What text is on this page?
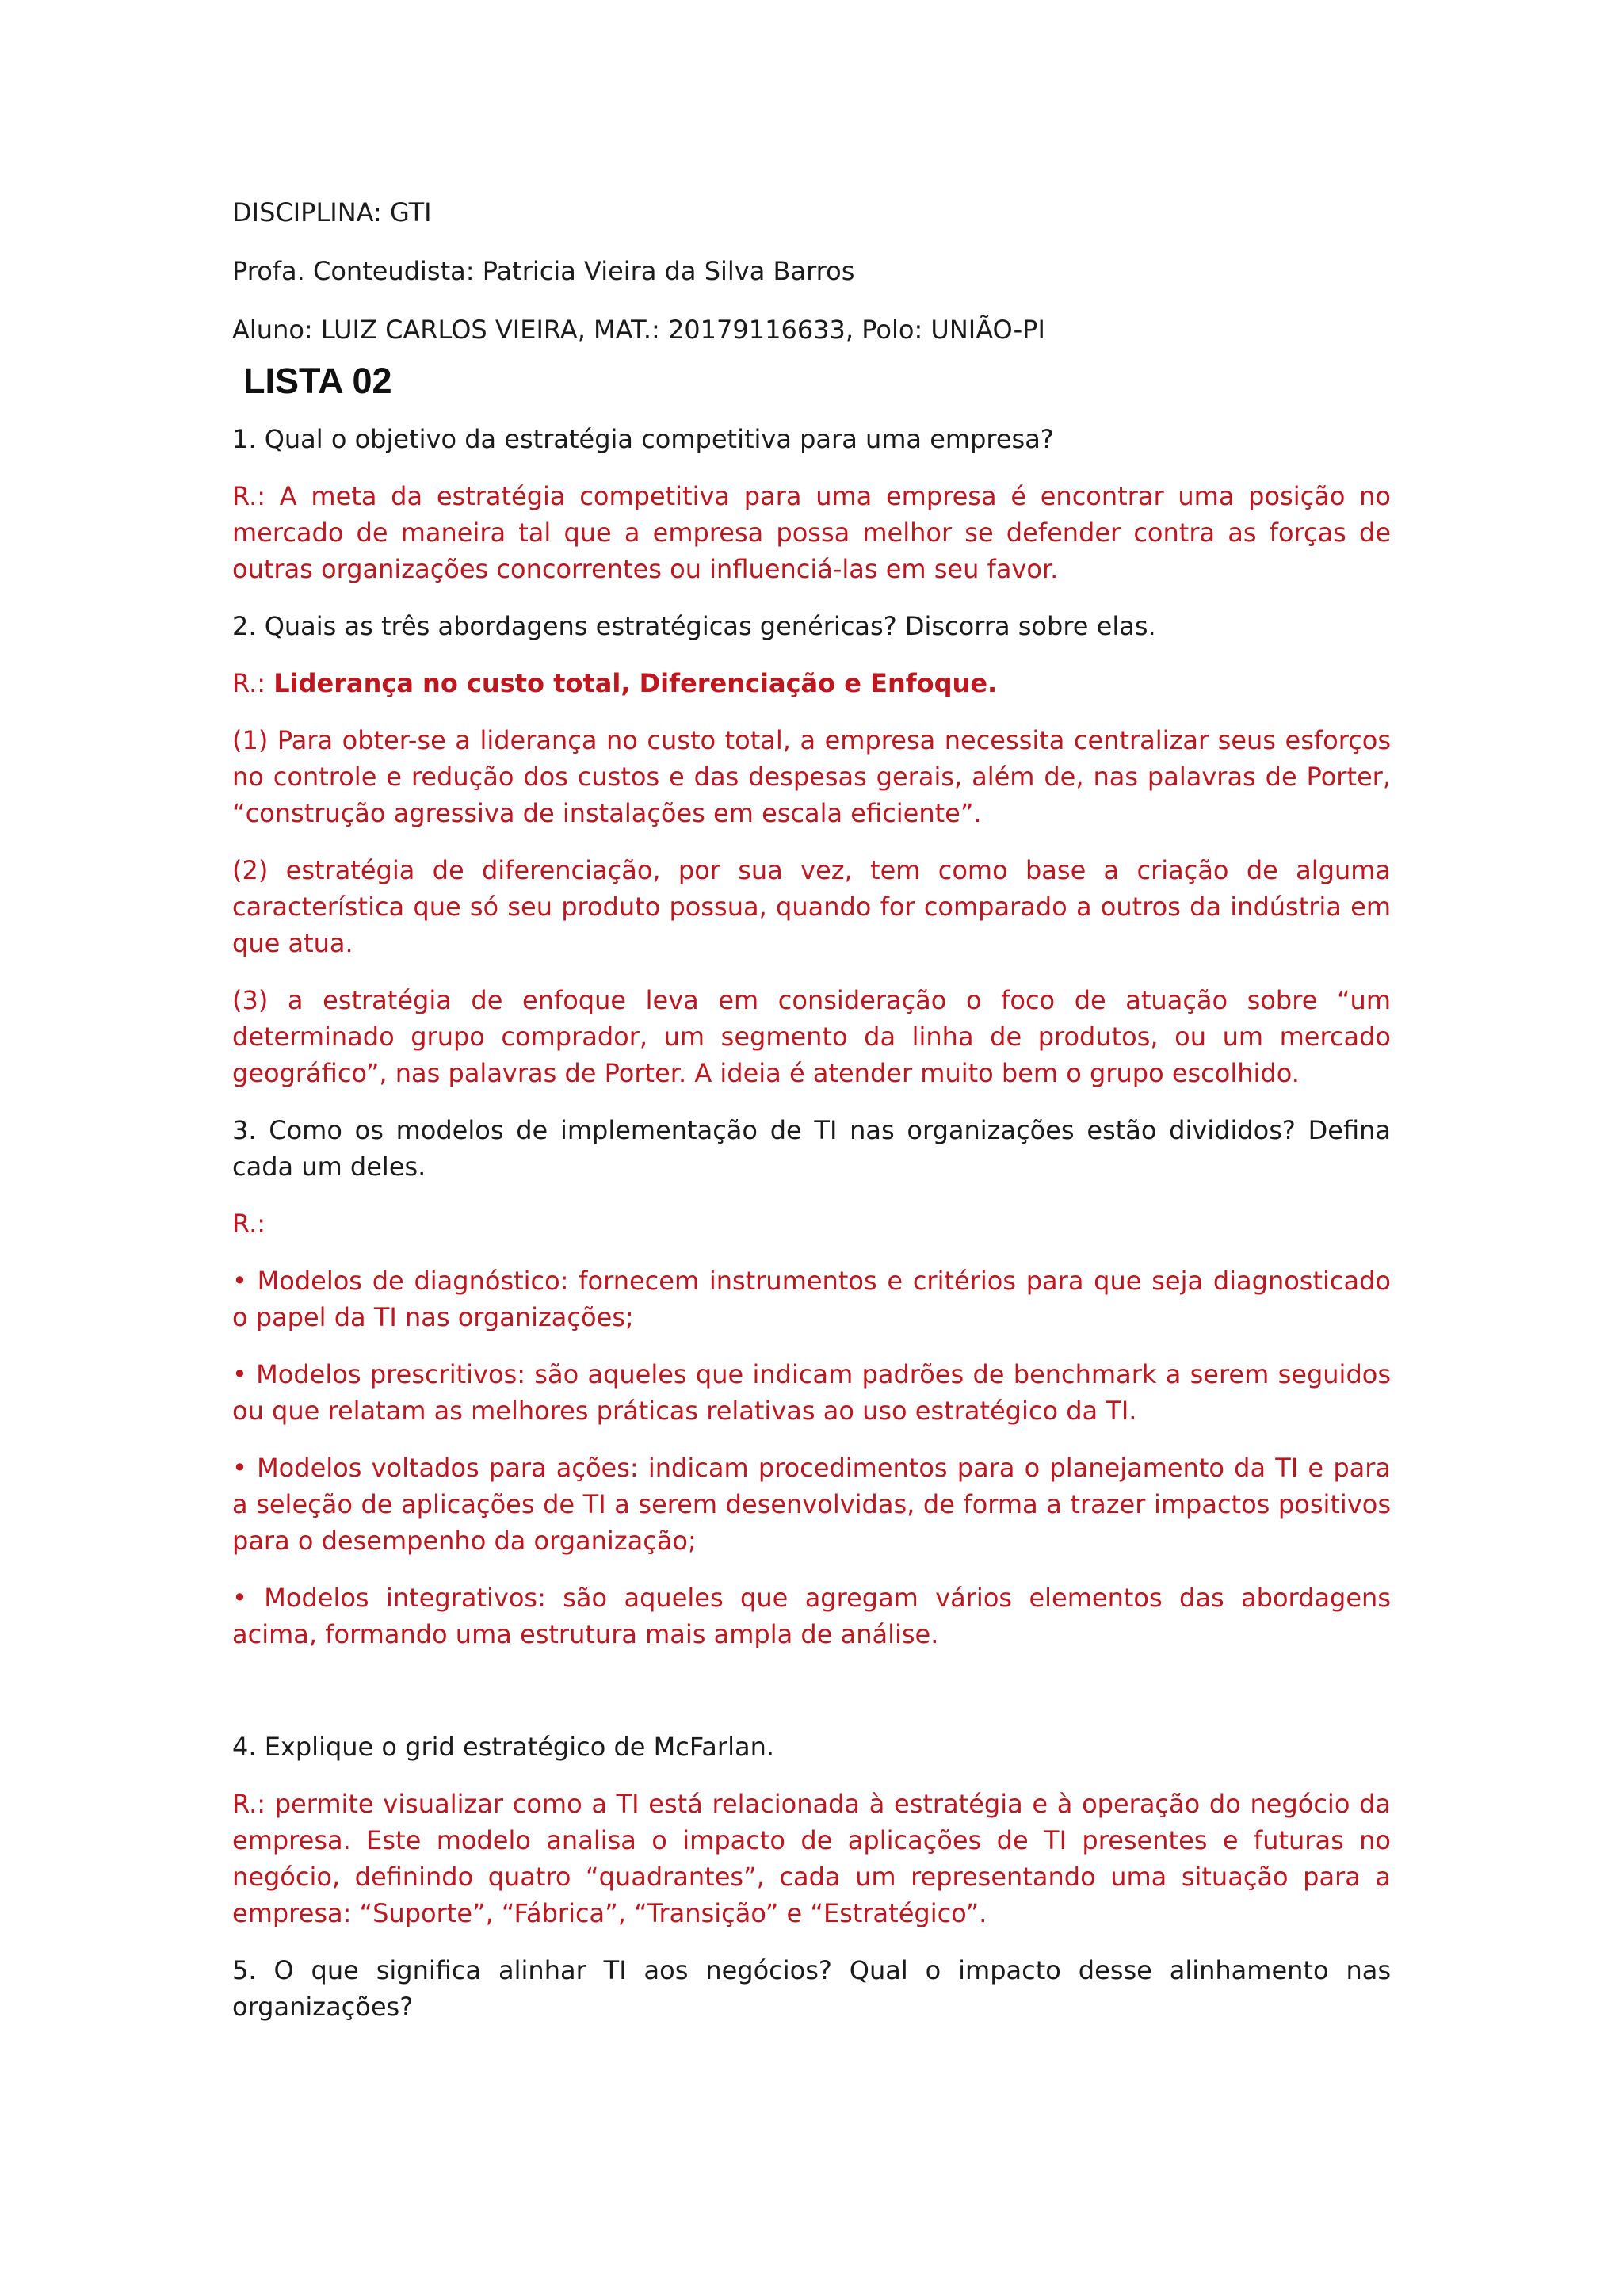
DISCIPLINA: GTI

Profa. Conteudista: Patricia Vieira da Silva Barros

Aluno: LUIZ CARLOS VIEIRA, MAT.: 20179116633, Polo: UNIÃO-PI

LISTA 02

1. Qual o objetivo da estratégia competitiva para uma empresa?

R.: A meta da estratégia competitiva para uma empresa é encontrar uma posição no mercado de maneira tal que a empresa possa melhor se defender contra as forças de outras organizações concorrentes ou influenciá-las em seu favor.

2. Quais as três abordagens estratégicas genéricas? Discorra sobre elas.

R.: Liderança no custo total, Diferenciação e Enfoque.

(1) Para obter-se a liderança no custo total, a empresa necessita centralizar seus esforços no controle e redução dos custos e das despesas gerais, além de, nas palavras de Porter, “construção agressiva de instalações em escala eficiente”.

(2) estratégia de diferenciação, por sua vez, tem como base a criação de alguma característica que só seu produto possua, quando for comparado a outros da indústria em que atua.

(3) a estratégia de enfoque leva em consideração o foco de atuação sobre “um determinado grupo comprador, um segmento da linha de produtos, ou um mercado geográfico”, nas palavras de Porter. A ideia é atender muito bem o grupo escolhido.

3. Como os modelos de implementação de TI nas organizações estão divididos? Defina cada um deles.

R.:

• Modelos de diagnóstico: fornecem instrumentos e critérios para que seja diagnosticado o papel da TI nas organizações;

• Modelos prescritivos: são aqueles que indicam padrões de benchmark a serem seguidos ou que relatam as melhores práticas relativas ao uso estratégico da TI.

• Modelos voltados para ações: indicam procedimentos para o planejamento da TI e para a seleção de aplicações de TI a serem desenvolvidas, de forma a trazer impactos positivos para o desempenho da organização;

• Modelos integrativos: são aqueles que agregam vários elementos das abordagens acima, formando uma estrutura mais ampla de análise.

4. Explique o grid estratégico de McFarlan.

R.: permite visualizar como a TI está relacionada à estratégia e à operação do negócio da empresa. Este modelo analisa o impacto de aplicações de TI presentes e futuras no negócio, definindo quatro “quadrantes”, cada um representando uma situação para a empresa: “Suporte”, “Fábrica”, “Transição” e “Estratégico”.

5. O que significa alinhar TI aos negócios? Qual o impacto desse alinhamento nas organizações?
